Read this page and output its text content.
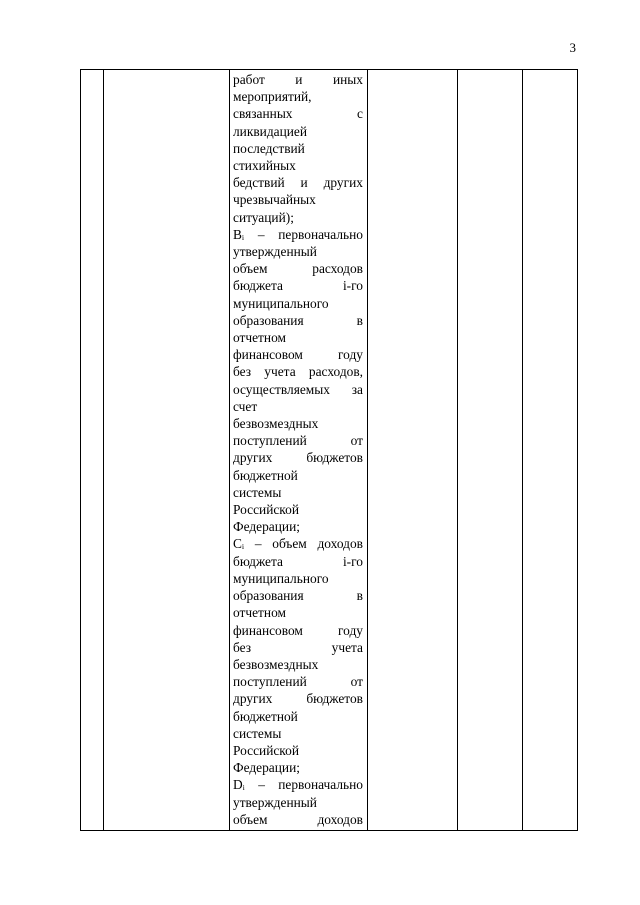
3

работ и иных

мероприятий,

связанных с

ликвидацией

последствий

стихийных

бедствий и других

чрезвычайных

ситуаций);

Bᵢ – первоначально

утвержденный

объем расходов

бюджета i-го

муниципального

образования в

отчетном

финансовом году

без учета расходов,

осуществляемых за

счет

безвозмездных

поступлений от

других бюджетов

бюджетной

системы

Российской

Федерации;

Cᵢ – объем доходов

бюджета i-го

муниципального

образования в

отчетном

финансовом году

без учета

безвозмездных

поступлений от

других бюджетов

бюджетной

системы

Российской

Федерации;

Dᵢ – первоначально

утвержденный

объем доходов
